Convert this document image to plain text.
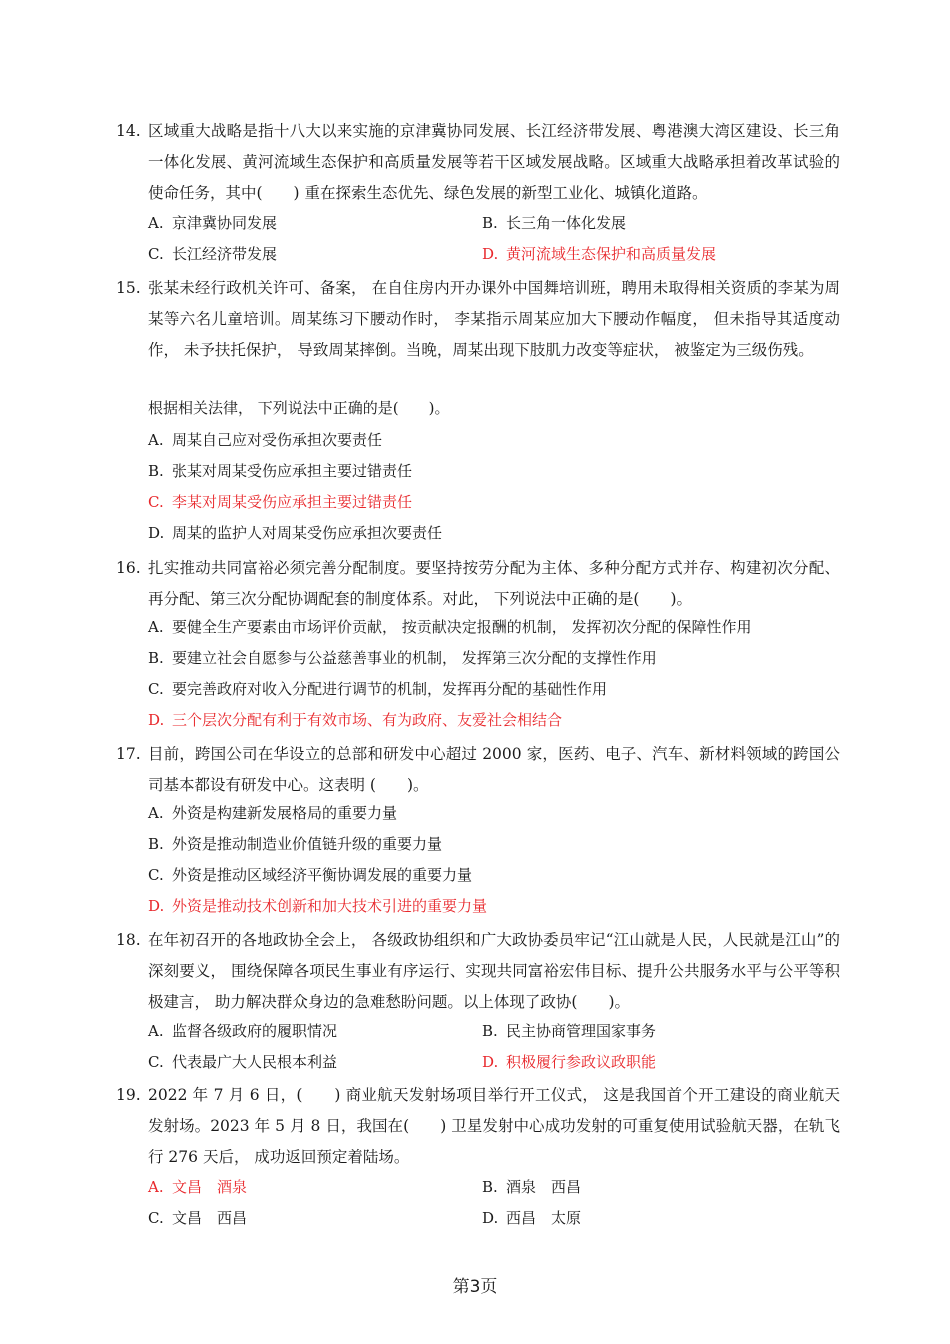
14. 区域重大战略是指十八大以来实施的京津冀协同发展、长江经济带发展、粤港澳大湾区建设、长三角一体化发展、黄河流域生态保护和高质量发展等若干区域发展战略。区域重大战略承担着改革试验的使命任务，其中(　　) 重在探索生态优先、绿色发展的新型工业化、城镇化道路。
A. 京津冀协同发展	B. 长三角一体化发展
C. 长江经济带发展	D. 黄河流域生态保护和高质量发展
15. 张某未经行政机关许可、备案， 在自住房内开办课外中国舞培训班，聘用未取得相关资质的李某为周某等六名儿童培训。周某练习下腰动作时， 李某指示周某应加大下腰动作幅度， 但未指导其适度动作， 未予扶托保护， 导致周某摔倒。当晚，周某出现下肢肌力改变等症状， 被鉴定为三级伤残。
根据相关法律， 下列说法中正确的是(　　)。
A. 周某自己应对受伤承担次要责任
B. 张某对周某受伤应承担主要过错责任
C. 李某对周某受伤应承担主要过错责任
D. 周某的监护人对周某受伤应承担次要责任
16. 扎实推动共同富裕必须完善分配制度。要坚持按劳分配为主体、多种分配方式并存、构建初次分配、再分配、第三次分配协调配套的制度体系。对此， 下列说法中正确的是(　　)。
A. 要健全生产要素由市场评价贡献， 按贡献决定报酬的机制， 发挥初次分配的保障性作用
B. 要建立社会自愿参与公益慈善事业的机制， 发挥第三次分配的支撑性作用
C. 要完善政府对收入分配进行调节的机制，发挥再分配的基础性作用
D. 三个层次分配有利于有效市场、有为政府、友爱社会相结合
17. 目前，跨国公司在华设立的总部和研发中心超过 2000 家，医药、电子、汽车、新材料领域的跨国公司基本都设有研发中心。这表明 (　　)。
A. 外资是构建新发展格局的重要力量
B. 外资是推动制造业价值链升级的重要力量
C. 外资是推动区域经济平衡协调发展的重要力量
D. 外资是推动技术创新和加大技术引进的重要力量
18. 在年初召开的各地政协全会上， 各级政协组织和广大政协委员牢记“江山就是人民，人民就是江山”的深刻要义， 围绕保障各项民生事业有序运行、实现共同富裕宏伟目标、提升公共服务水平与公平等积极建言， 助力解决群众身边的急难愁盼问题。以上体现了政协(　　)。
A. 监督各级政府的履职情况	B. 民主协商管理国家事务
C. 代表最广大人民根本利益	D. 积极履行参政议政职能
19. 2022 年 7 月 6 日，(　　) 商业航天发射场项目举行开工仪式， 这是我国首个开工建设的商业航天发射场。2023 年 5 月 8 日，我国在(　　) 卫星发射中心成功发射的可重复使用试验航天器，在轨飞行 276 天后， 成功返回预定着陆场。
A. 文昌　酒泉	B. 酒泉　西昌
C. 文昌　西昌	D. 西昌　太原
第3页
